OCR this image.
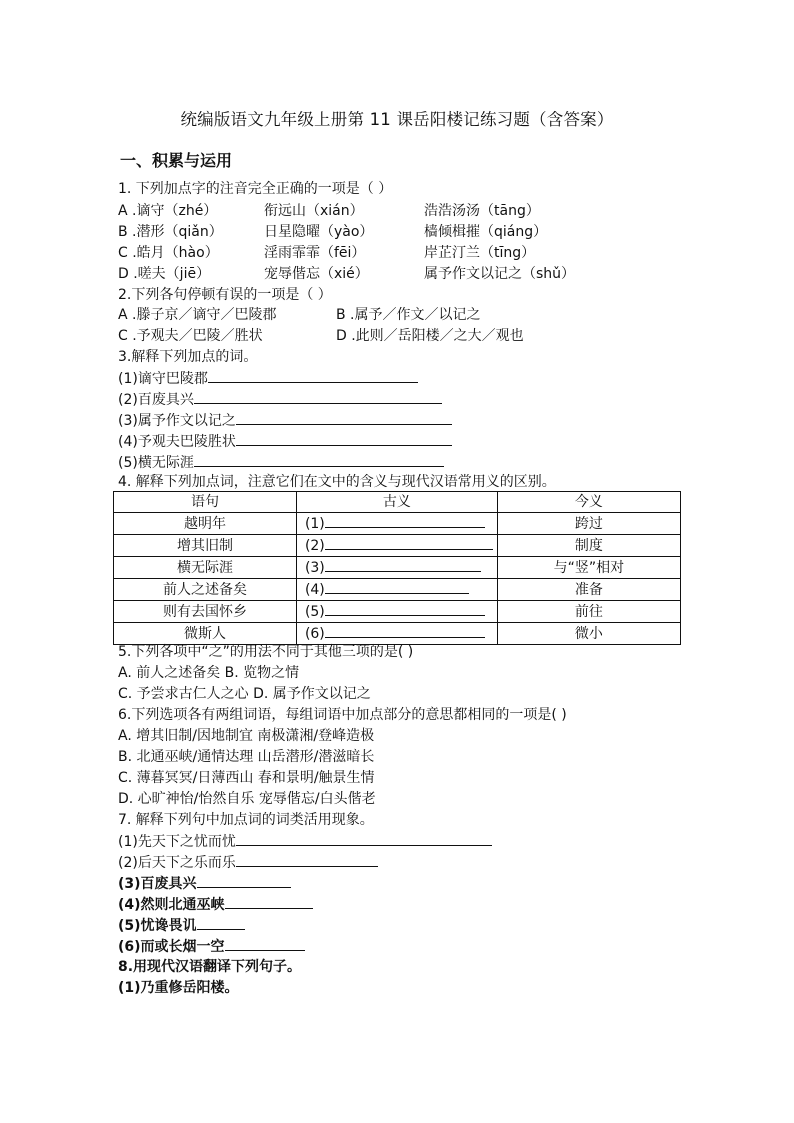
统编版语文九年级上册第 11 课岳阳楼记练习题（含答案）
一、积累与运用
1. 下列加点字的注音完全正确的一项是（ ）
A .谪守（zhé）	衔远山（xián）	浩浩汤汤（tāng）
B .潜形（qiǎn）	日星隐曜（yào）	樯倾楫摧（qiáng）
C .皓月（hào）	淫雨霏霏（fēi）	岸芷汀兰（tīng）
D .嗟夫（jiē）	宠辱偕忘（xié）	属予作文以记之（shǔ）
2.下列各句停顿有误的一项是（ ）
A .滕子京／谪守／巴陵郡	B .属予／作文／以记之
C .予观夫／巴陵／胜状	D .此则／岳阳楼／之大／观也
3.解释下列加点的词。
(1)谪守巴陵郡
(2)百废具兴
(3)属予作文以记之
(4)予观夫巴陵胜状
(5)横无际涯
4. 解释下列加点词，注意它们在文中的含义与现代汉语常用义的区别。
语句	古义	今义
越明年	(1)	跨过
增其旧制	(2)	制度
横无际涯	(3)	与“竖”相对
前人之述备矣	(4)	准备
则有去国怀乡	(5)	前往
微斯人	(6)	微小
5.下列各项中“之”的用法不同于其他三项的是( )
A. 前人之述备矣 B. 览物之情
C. 予尝求古仁人之心 D. 属予作文以记之
6.下列选项各有两组词语，每组词语中加点部分的意思都相同的一项是( )
A. 增其旧制/因地制宜 南极潇湘/登峰造极
B. 北通巫峡/通情达理 山岳潜形/潜滋暗长
C. 薄暮冥冥/日薄西山 春和景明/触景生情
D. 心旷神怡/怡然自乐 宠辱偕忘/白头偕老
7. 解释下列句中加点词的词类活用现象。
(1)先天下之忧而忧
(2)后天下之乐而乐
(3)百废具兴
(4)然则北通巫峡
(5)忧谗畏讥
(6)而或长烟一空
8.用现代汉语翻译下列句子。
(1)乃重修岳阳楼。
